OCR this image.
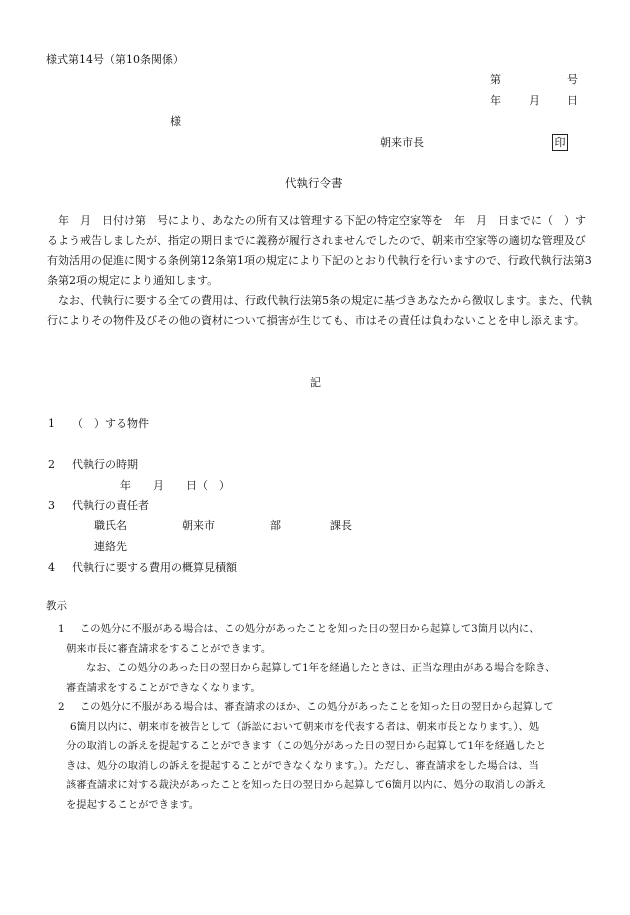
様式第14号（第10条関係）
第	号
年	月 日
様
朝来市長	印
代執行令書

年　月　日付け第　号により、あなたの所有又は管理する下記の特定空家等を　年　月　日までに（　）するよう戒告しましたが、指定の期日までに義務が履行されませんでしたので、朝来市空家等の適切な管理及び有効活用の促進に関する条例第12条第1項の規定により下記のとおり代執行を行いますので、行政代執行法第3条第2項の規定により通知します。

なお、代執行に要する全ての費用は、行政代執行法第5条の規定に基づきあなたから徴収します。また、代執行によりその物件及びその他の資材について損害が生じても、市はその責任は負わないことを申し添えます。

記
1 （　）する物件
2 代執行の時期
年　　月　　日（　）
3 代執行の責任者
職氏名	朝来市	部	課長
連絡先
4 代執行に要する費用の概算見積額
教示
1	この処分に不服がある場合は、この処分があったことを知った日の翌日から起算して3箇月以内に、
朝来市長に審査請求をすることができます。
なお、この処分のあった日の翌日から起算して1年を経過したときは、正当な理由がある場合を除き、
審査請求をすることができなくなります。
2	この処分に不服がある場合は、審査請求のほか、この処分があったことを知った日の翌日から起算して
6箇月以内に、朝来市を被告として（訴訟において朝来市を代表する者は、朝来市長となります。）、処
分の取消しの訴えを提起することができます（この処分があった日の翌日から起算して1年を経過したと
きは、処分の取消しの訴えを提起することができなくなります。）。ただし、審査請求をした場合は、当
該審査請求に対する裁決があったことを知った日の翌日から起算して6箇月以内に、処分の取消しの訴え
を提起することができます。
